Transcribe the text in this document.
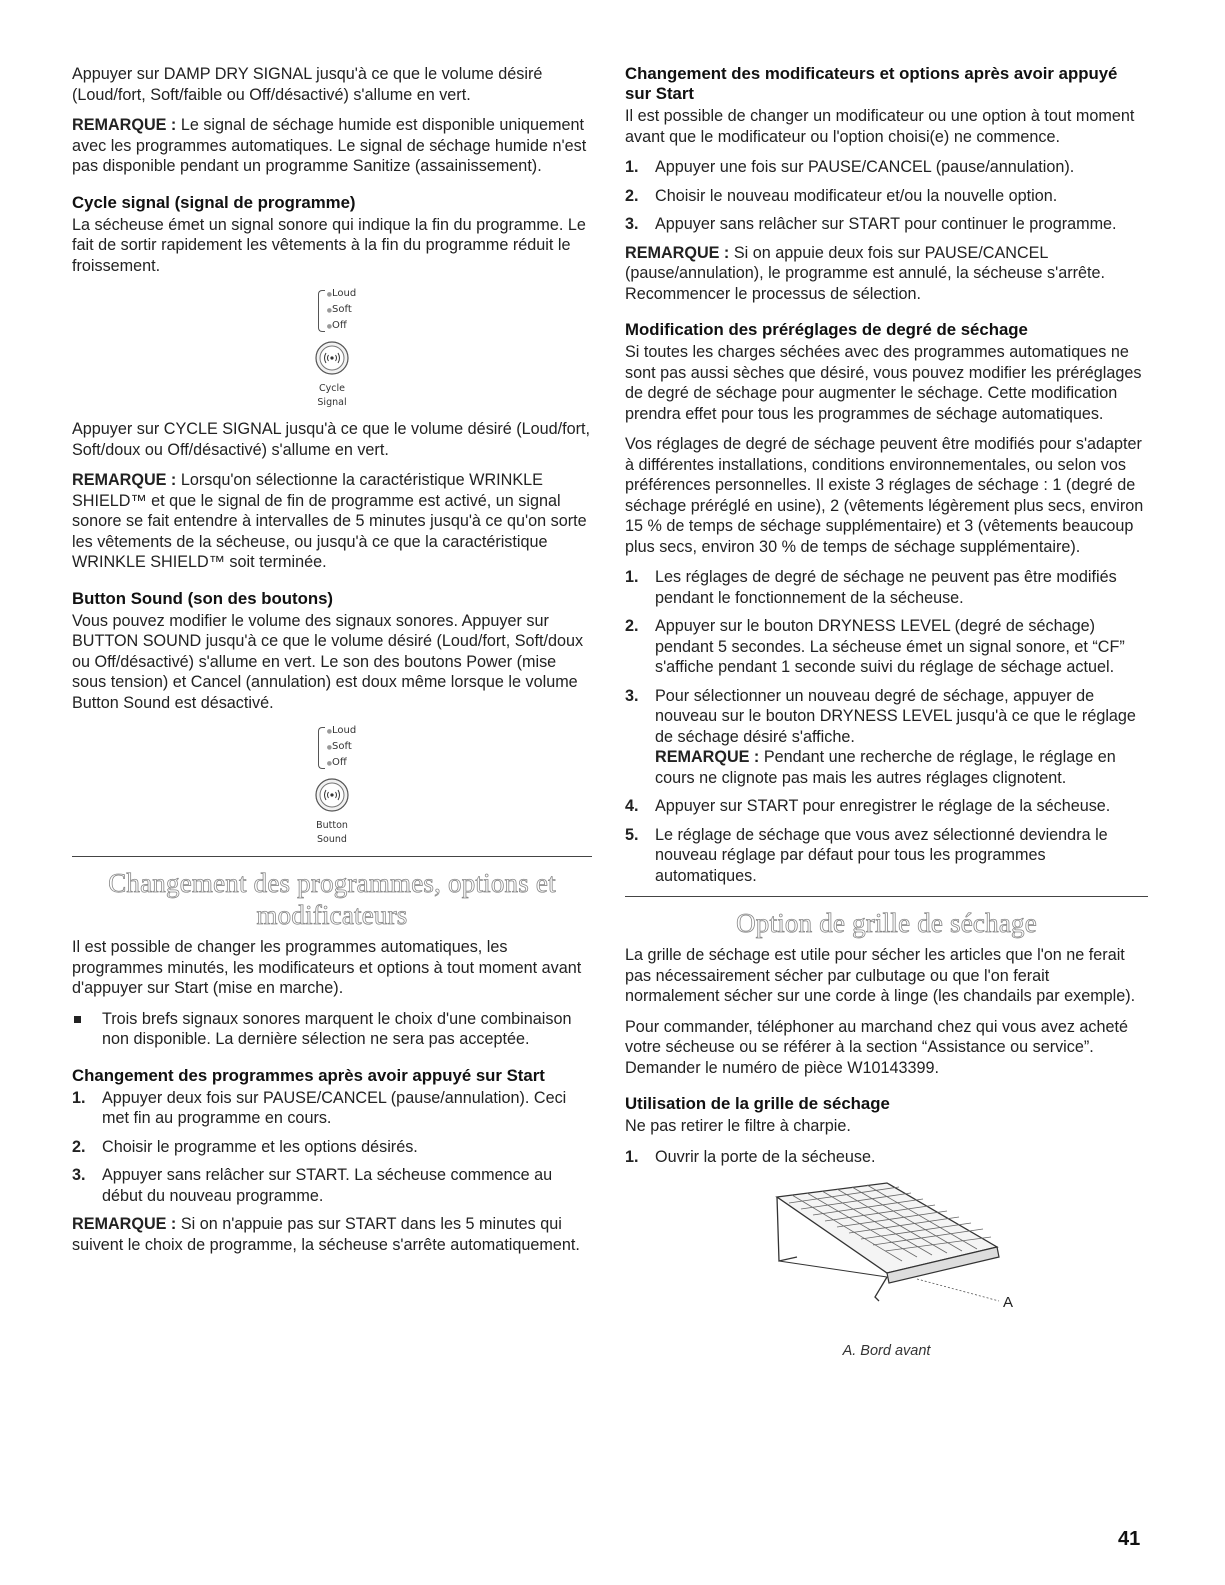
Appuyer sur DAMP DRY SIGNAL jusqu'à ce que le volume désiré (Loud/fort, Soft/faible ou Off/désactivé) s'allume en vert.

REMARQUE : Le signal de séchage humide est disponible uniquement avec les programmes automatiques. Le signal de séchage humide n'est pas disponible pendant un programme Sanitize (assainissement).

Cycle signal (signal de programme)

La sécheuse émet un signal sonore qui indique la fin du programme. Le fait de sortir rapidement les vêtements à la fin du programme réduit le froissement.

● Loud
● Soft
● Off
Cycle
Signal

Appuyer sur CYCLE SIGNAL jusqu'à ce que le volume désiré (Loud/fort, Soft/doux ou Off/désactivé) s'allume en vert.

REMARQUE : Lorsqu'on sélectionne la caractéristique WRINKLE SHIELD™ et que le signal de fin de programme est activé, un signal sonore se fait entendre à intervalles de 5 minutes jusqu'à ce qu'on sorte les vêtements de la sécheuse, ou jusqu'à ce que la caractéristique WRINKLE SHIELD™ soit terminée.

Button Sound (son des boutons)

Vous pouvez modifier le volume des signaux sonores. Appuyer sur BUTTON SOUND jusqu'à ce que le volume désiré (Loud/fort, Soft/doux ou Off/désactivé) s'allume en vert. Le son des boutons Power (mise sous tension) et Cancel (annulation) est doux même lorsque le volume Button Sound est désactivé.

● Loud
● Soft
● Off
Button
Sound
Changement des programmes, options et
modificateurs

Il est possible de changer les programmes automatiques, les programmes minutés, les modificateurs et options à tout moment avant d'appuyer sur Start (mise en marche).

Trois brefs signaux sonores marquent le choix d'une combinaison non disponible. La dernière sélection ne sera pas acceptée.
Changement des programmes après avoir appuyé sur Start
1. Appuyer deux fois sur PAUSE/CANCEL (pause/annulation). Ceci met fin au programme en cours.
2. Choisir le programme et les options désirés.
3. Appuyer sans relâcher sur START. La sécheuse commence au début du nouveau programme.

REMARQUE : Si on n'appuie pas sur START dans les 5 minutes qui suivent le choix de programme, la sécheuse s'arrête automatiquement.

Changement des modificateurs et options après avoir appuyé sur Start

Il est possible de changer un modificateur ou une option à tout moment avant que le modificateur ou l'option choisi(e) ne commence.

1. Appuyer une fois sur PAUSE/CANCEL (pause/annulation).
2. Choisir le nouveau modificateur et/ou la nouvelle option.
3. Appuyer sans relâcher sur START pour continuer le programme.

REMARQUE : Si on appuie deux fois sur PAUSE/CANCEL (pause/annulation), le programme est annulé, la sécheuse s'arrête. Recommencer le processus de sélection.

Modification des préréglages de degré de séchage

Si toutes les charges séchées avec des programmes automatiques ne sont pas aussi sèches que désiré, vous pouvez modifier les préréglages de degré de séchage pour augmenter le séchage. Cette modification prendra effet pour tous les programmes de séchage automatiques.

Vos réglages de degré de séchage peuvent être modifiés pour s'adapter à différentes installations, conditions environnementales, ou selon vos préférences personnelles. Il existe 3 réglages de séchage : 1 (degré de séchage préréglé en usine), 2 (vêtements légèrement plus secs, environ 15 % de temps de séchage supplémentaire) et 3 (vêtements beaucoup plus secs, environ 30 % de temps de séchage supplémentaire).

1. Les réglages de degré de séchage ne peuvent pas être modifiés pendant le fonctionnement de la sécheuse.
2. Appuyer sur le bouton DRYNESS LEVEL (degré de séchage) pendant 5 secondes. La sécheuse émet un signal sonore, et “CF” s'affiche pendant 1 seconde suivi du réglage de séchage actuel.
3. Pour sélectionner un nouveau degré de séchage, appuyer de nouveau sur le bouton DRYNESS LEVEL jusqu'à ce que le réglage de séchage désiré s'affiche.
REMARQUE : Pendant une recherche de réglage, le réglage en cours ne clignote pas mais les autres réglages clignotent.
4. Appuyer sur START pour enregistrer le réglage de la sécheuse.
5. Le réglage de séchage que vous avez sélectionné deviendra le nouveau réglage par défaut pour tous les programmes automatiques.
Option de grille de séchage

La grille de séchage est utile pour sécher les articles que l'on ne ferait pas nécessairement sécher par culbutage ou que l'on ferait normalement sécher sur une corde à linge (les chandails par exemple).

Pour commander, téléphoner au marchand chez qui vous avez acheté votre sécheuse ou se référer à la section “Assistance ou service”. Demander le numéro de pièce W10143399.

Utilisation de la grille de séchage

Ne pas retirer le filtre à charpie.

1. Ouvrir la porte de la sécheuse.
A
A. Bord avant
41
